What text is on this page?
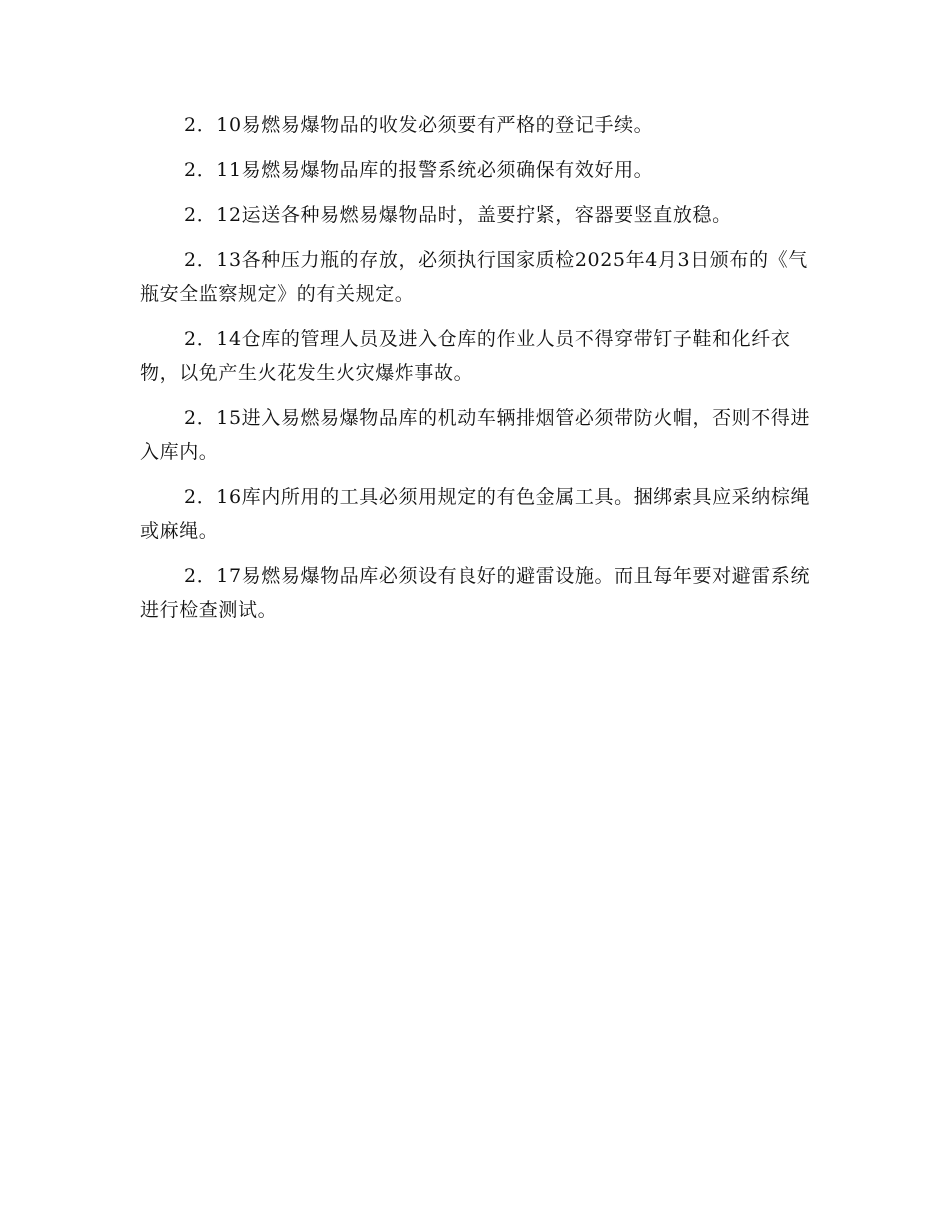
2．10易燃易爆物品的收发必须要有严格的登记手续。

2．11易燃易爆物品库的报警系统必须确保有效好用。

2．12运送各种易燃易爆物品时，盖要拧紧，容器要竖直放稳。

2．13各种压力瓶的存放，必须执行国家质检2025年4月3日颁布的《气瓶安全监察规定》的有关规定。

2．14仓库的管理人员及进入仓库的作业人员不得穿带钉子鞋和化纤衣物，以免产生火花发生火灾爆炸事故。

2．15进入易燃易爆物品库的机动车辆排烟管必须带防火帽，否则不得进入库内。

2．16库内所用的工具必须用规定的有色金属工具。捆绑索具应采纳棕绳或麻绳。

2．17易燃易爆物品库必须设有良好的避雷设施。而且每年要对避雷系统进行检查测试。
